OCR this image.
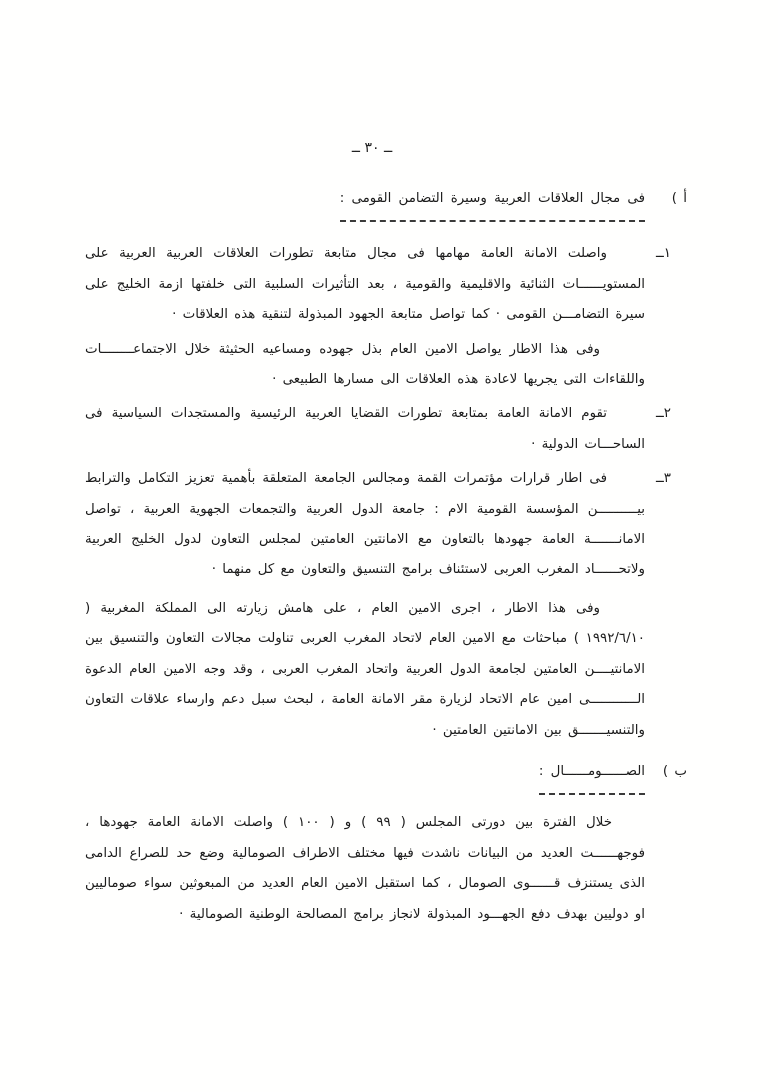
ــ ٣٠ ــ
أ )
فى مجال العلاقات العربية وسيرة التضامن القومى :
١ــ
واصلت الامانة العامة مهامها فى مجال متابعة تطورات العلاقات العربية العربية على المستويــــــات الثنائية والاقليمية والقومية ، بعد التأثيرات السلبية التى خلفتها ازمة الخليج على سيرة التضامـــن القومى · كما تواصل متابعة الجهود المبذولة لتنقية هذه العلاقات ·
وفى هذا الاطار يواصل الامين العام بذل جهوده ومساعيه الحثيثة خلال الاجتماعــــــــات واللقاءات التى يجريها لاعادة هذه العلاقات الى مسارها الطبيعى ·
٢ــ
تقوم الامانة العامة بمتابعة تطورات القضايا العربية الرئيسية والمستجدات السياسية فى الساحـــات الدولية ·
٣ــ
فى اطار قرارات مؤتمرات القمة ومجالس الجامعة المتعلقة بأهمية تعزيز التكامل والترابط بيــــــــــن المؤسسة القومية الام : جامعة الدول العربية والتجمعات الجهوية العربية ، تواصل الامانـــــــة العامة جهودها بالتعاون مع الامانتين العامتين لمجلس التعاون لدول الخليج العربية ولاتحــــــاد المغرب العربى لاستئناف برامج التنسيق والتعاون مع كل منهما ·
وفى هذا الاطار ، اجرى الامين العام ، على هامش زيارته الى المملكة المغربية ( ١٩٩٢/٦/١٠ ) مباحثات مع الامين العام لاتحاد المغرب العربى تناولت مجالات التعاون والتنسيق بين الامانتيــــن العامتين لجامعة الدول العربية واتحاد المغرب العربى ، وقد وجه الامين العام الدعوة الــــــــــــى امين عام الاتحاد لزيارة مقر الامانة العامة ، لبحث سبل دعم وارساء علاقات التعاون والتنسيـــــــق بين الامانتين العامتين ·
ب )
الصــــــومــــــال :
خلال الفترة بين دورتى المجلس ( ٩٩ ) و ( ١٠٠ ) واصلت الامانة العامة جهودها ، فوجهــــــت العديد من البيانات ناشدت فيها مختلف الاطراف الصومالية وضع حد للصراع الدامى الذى يستنزف قــــــوى الصومال ، كما استقبل الامين العام العديد من المبعوثين سواء صوماليين او دوليين بهدف دفع الجهـــود المبذولة لانجاز برامج المصالحة الوطنية الصومالية ·
